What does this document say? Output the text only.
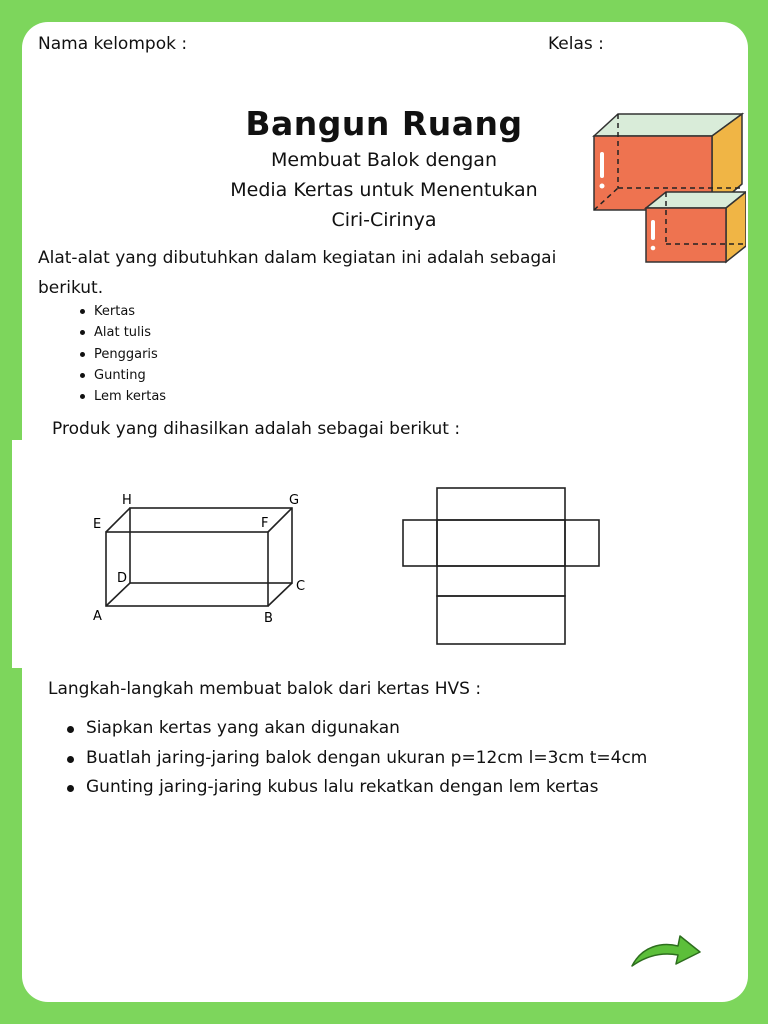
Nama kelompok :	Kelas :
Bangun Ruang
Membuat Balok dengan
Media Kertas untuk Menentukan
Ciri-Cirinya
Alat-alat yang dibutuhkan dalam kegiatan ini adalah sebagai berikut.
Kertas
Alat tulis
Penggaris
Gunting
Lem kertas
Produk yang dihasilkan adalah sebagai berikut :
A	B
C
D
E	F
G
H
Langkah-langkah membuat balok dari kertas HVS :
Siapkan kertas yang akan digunakan
Buatlah jaring-jaring balok dengan ukuran p=12cm l=3cm t=4cm
Gunting jaring-jaring kubus lalu rekatkan dengan lem kertas
